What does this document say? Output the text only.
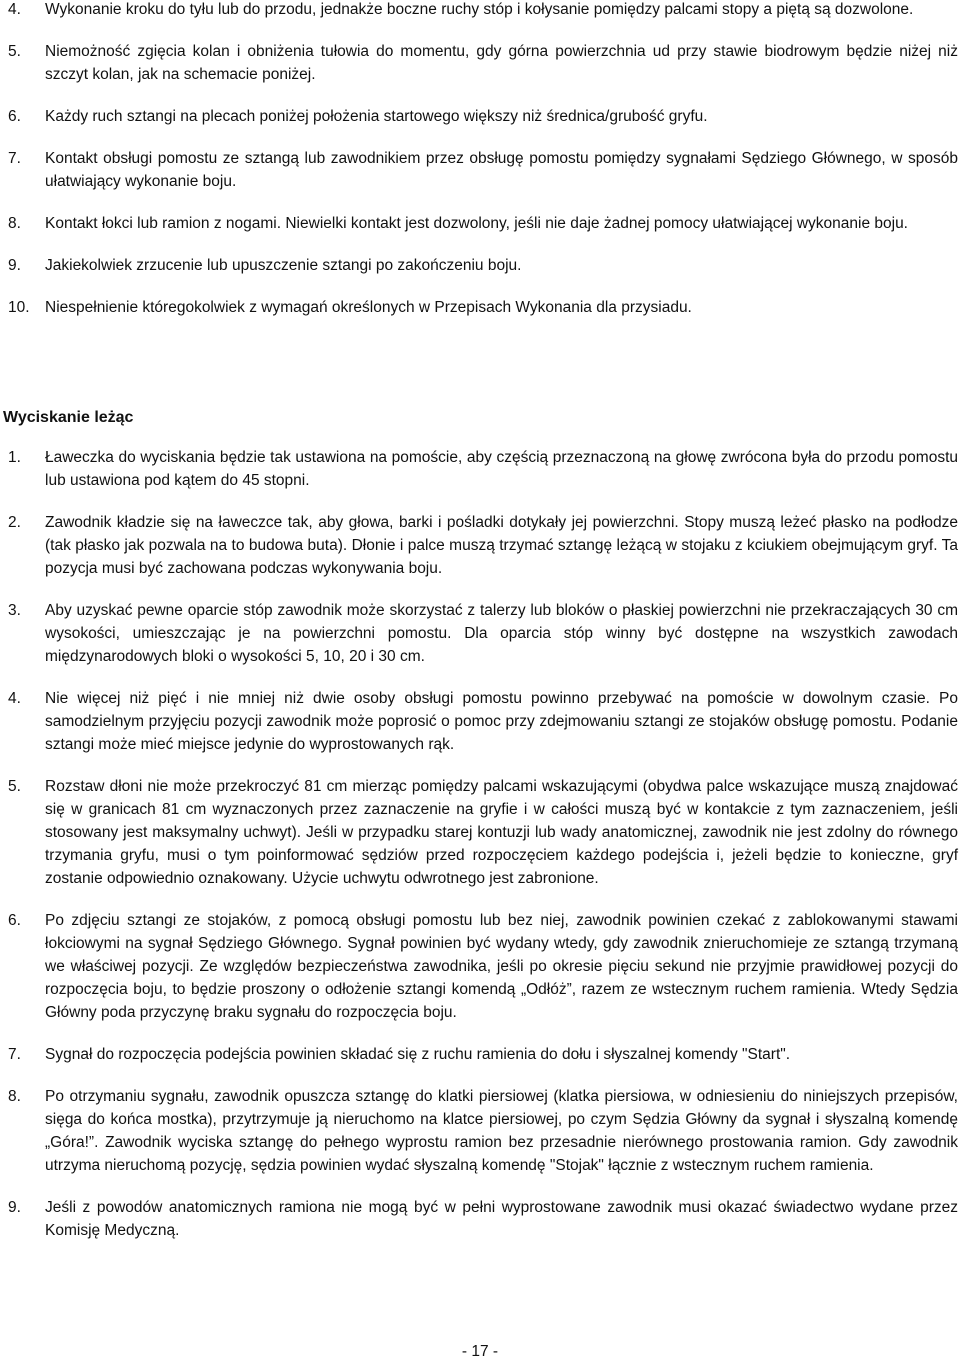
4. Wykonanie kroku do tyłu lub do przodu, jednakże boczne ruchy stóp i kołysanie pomiędzy palcami stopy a piętą są dozwolone.
5. Niemożność zgięcia kolan i obniżenia tułowia do momentu, gdy górna powierzchnia ud przy stawie biodrowym będzie niżej niż szczyt kolan, jak na schemacie poniżej.
6. Każdy ruch sztangi na plecach poniżej położenia startowego większy niż średnica/grubość gryfu.
7. Kontakt obsługi pomostu ze sztangą lub zawodnikiem przez obsługę pomostu pomiędzy sygnałami Sędziego Głównego, w sposób ułatwiający wykonanie boju.
8. Kontakt łokci lub ramion z nogami. Niewielki kontakt jest dozwolony, jeśli nie daje żadnej pomocy ułatwiającej wykonanie boju.
9. Jakiekolwiek zrzucenie lub upuszczenie sztangi po zakończeniu boju.
10. Niespełnienie któregokolwiek z wymagań określonych w Przepisach Wykonania dla przysiadu.
Wyciskanie leżąc
1. Ławeczka do wyciskania będzie tak ustawiona na pomoście, aby częścią przeznaczoną na głowę zwrócona była do przodu pomostu lub ustawiona pod kątem do 45 stopni.
2. Zawodnik kładzie się na ławeczce tak, aby głowa, barki i pośladki dotykały jej powierzchni. Stopy muszą leżeć płasko na podłodze (tak płasko jak pozwala na to budowa buta). Dłonie i palce muszą trzymać sztangę leżącą w stojaku z kciukiem obejmującym gryf. Ta pozycja musi być zachowana podczas wykonywania boju.
3. Aby uzyskać pewne oparcie stóp zawodnik może skorzystać z talerzy lub bloków o płaskiej powierzchni nie przekraczających 30 cm wysokości, umieszczając je na powierzchni pomostu. Dla oparcia stóp winny być dostępne na wszystkich zawodach międzynarodowych bloki o wysokości 5, 10, 20 i 30 cm.
4. Nie więcej niż pięć i nie mniej niż dwie osoby obsługi pomostu powinno przebywać na pomoście w dowolnym czasie. Po samodzielnym przyjęciu pozycji zawodnik może poprosić o pomoc przy zdejmowaniu sztangi ze stojaków obsługę pomostu. Podanie sztangi może mieć miejsce jedynie do wyprostowanych rąk.
5. Rozstaw dłoni nie może przekroczyć 81 cm mierząc pomiędzy palcami wskazującymi (obydwa palce wskazujące muszą znajdować się w granicach 81 cm wyznaczonych przez zaznaczenie na gryfie i w całości muszą być w kontakcie z tym zaznaczeniem, jeśli stosowany jest maksymalny uchwyt). Jeśli w przypadku starej kontuzji lub wady anatomicznej, zawodnik nie jest zdolny do równego trzymania gryfu, musi o tym poinformować sędziów przed rozpoczęciem każdego podejścia i, jeżeli będzie to konieczne, gryf zostanie odpowiednio oznakowany. Użycie uchwytu odwrotnego jest zabronione.
6. Po zdjęciu sztangi ze stojaków, z pomocą obsługi pomostu lub bez niej, zawodnik powinien czekać z zablokowanymi stawami łokciowymi na sygnał Sędziego Głównego. Sygnał powinien być wydany wtedy, gdy zawodnik znieruchomieje ze sztangą trzymaną we właściwej pozycji. Ze względów bezpieczeństwa zawodnika, jeśli po okresie pięciu sekund nie przyjmie prawidłowej pozycji do rozpoczęcia boju, to będzie proszony o odłożenie sztangi komendą „Odłóż”, razem ze wstecznym ruchem ramienia. Wtedy Sędzia Główny poda przyczynę braku sygnału do rozpoczęcia boju.
7. Sygnał do rozpoczęcia podejścia powinien składać się z ruchu ramienia do dołu i słyszalnej komendy "Start".
8. Po otrzymaniu sygnału, zawodnik opuszcza sztangę do klatki piersiowej (klatka piersiowa, w odniesieniu do niniejszych przepisów, sięga do końca mostka), przytrzymuje ją nieruchomo na klatce piersiowej, po czym Sędzia Główny da sygnał i słyszalną komendę „Góra!”. Zawodnik wyciska sztangę do pełnego wyprostu ramion bez przesadnie nierównego prostowania ramion. Gdy zawodnik utrzyma nieruchomą pozycję, sędzia powinien wydać słyszalną komendę "Stojak" łącznie z wstecznym ruchem ramienia.
9. Jeśli z powodów anatomicznych ramiona nie mogą być w pełni wyprostowane zawodnik musi okazać świadectwo wydane przez Komisję Medyczną.
- 17 -
